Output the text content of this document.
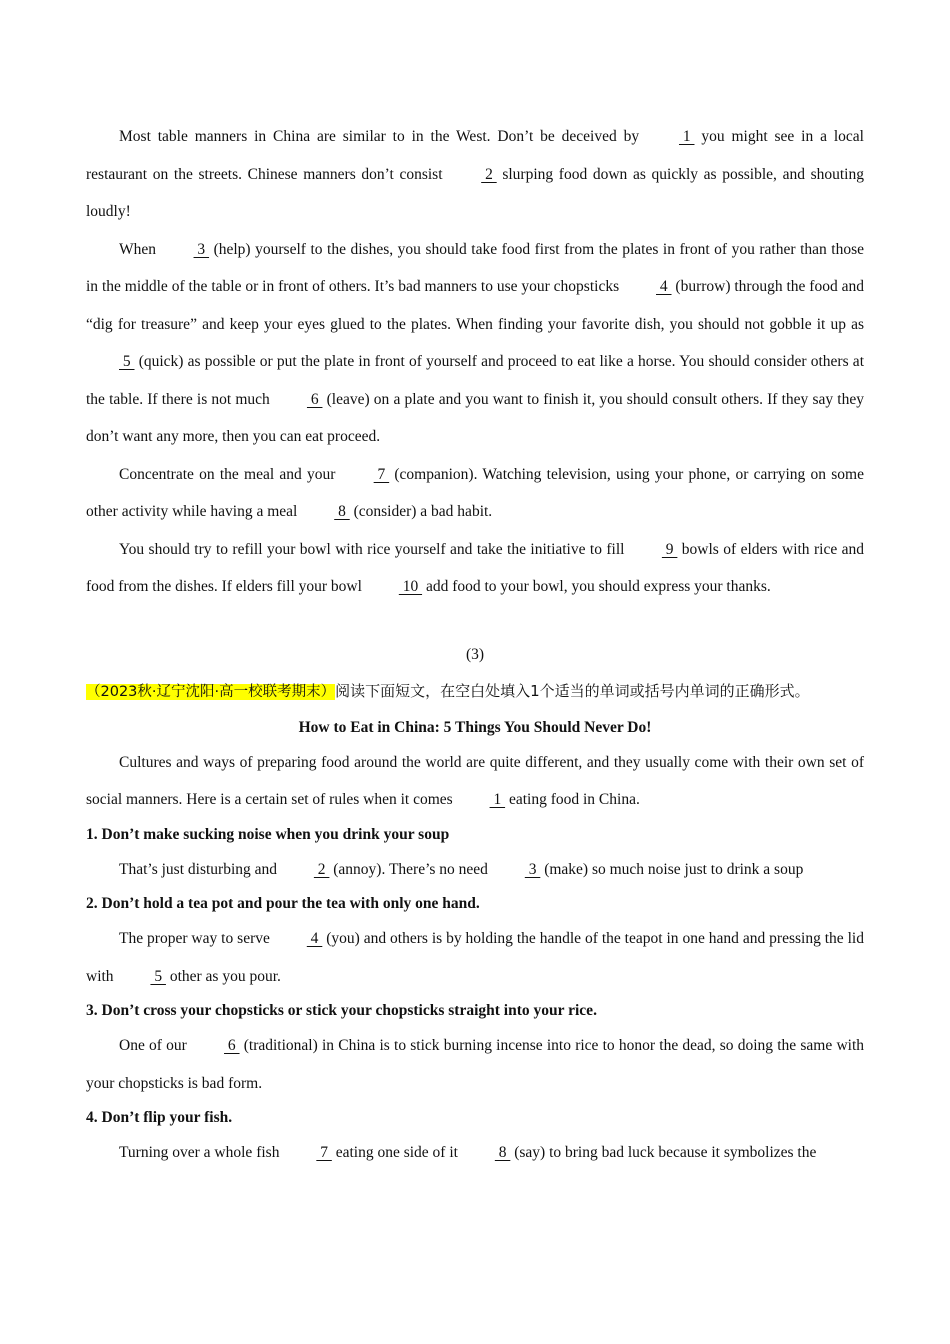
Most table manners in China are similar to in the West. Don’t be deceived by  1  you might see in a local restaurant on the streets. Chinese manners don’t consist  2  slurping food down as quickly as possible, and shouting loudly!

When  3  (help) yourself to the dishes, you should take food first from the plates in front of you rather than those in the middle of the table or in front of others. It’s bad manners to use your chopsticks  4  (burrow) through the food and “dig for treasure” and keep your eyes glued to the plates. When finding your favorite dish, you should not gobble it up as  5  (quick) as possible or put the plate in front of yourself and proceed to eat like a horse. You should consider others at the table. If there is not much  6  (leave) on a plate and you want to finish it, you should consult others. If they say they don’t want any more, then you can eat proceed.

Concentrate on the meal and your  7  (companion). Watching television, using your phone, or carrying on some other activity while having a meal  8  (consider) a bad habit.

You should try to refill your bowl with rice yourself and take the initiative to fill  9  bowls of elders with rice and food from the dishes. If elders fill your bowl  10  add food to your bowl, you should express your thanks.

(3)

（2023秋·辽宁沈阳·高一校联考期末）阅读下面短文，在空白处填入1个适当的单词或括号内单词的正确形式。

How to Eat in China: 5 Things You Should Never Do!

Cultures and ways of preparing food around the world are quite different, and they usually come with their own set of social manners. Here is a certain set of rules when it comes  1  eating food in China.

1. Don’t make sucking noise when you drink your soup

That’s just disturbing and  2  (annoy). There’s no need  3  (make) so much noise just to drink a soup

2. Don’t hold a tea pot and pour the tea with only one hand.

The proper way to serve  4  (you) and others is by holding the handle of the teapot in one hand and pressing the lid with  5  other as you pour.

3. Don’t cross your chopsticks or stick your chopsticks straight into your rice.

One of our  6  (traditional) in China is to stick burning incense into rice to honor the dead, so doing the same with your chopsticks is bad form.

4. Don’t flip your fish.

Turning over a whole fish  7  eating one side of it  8  (say) to bring bad luck because it symbolizes the
